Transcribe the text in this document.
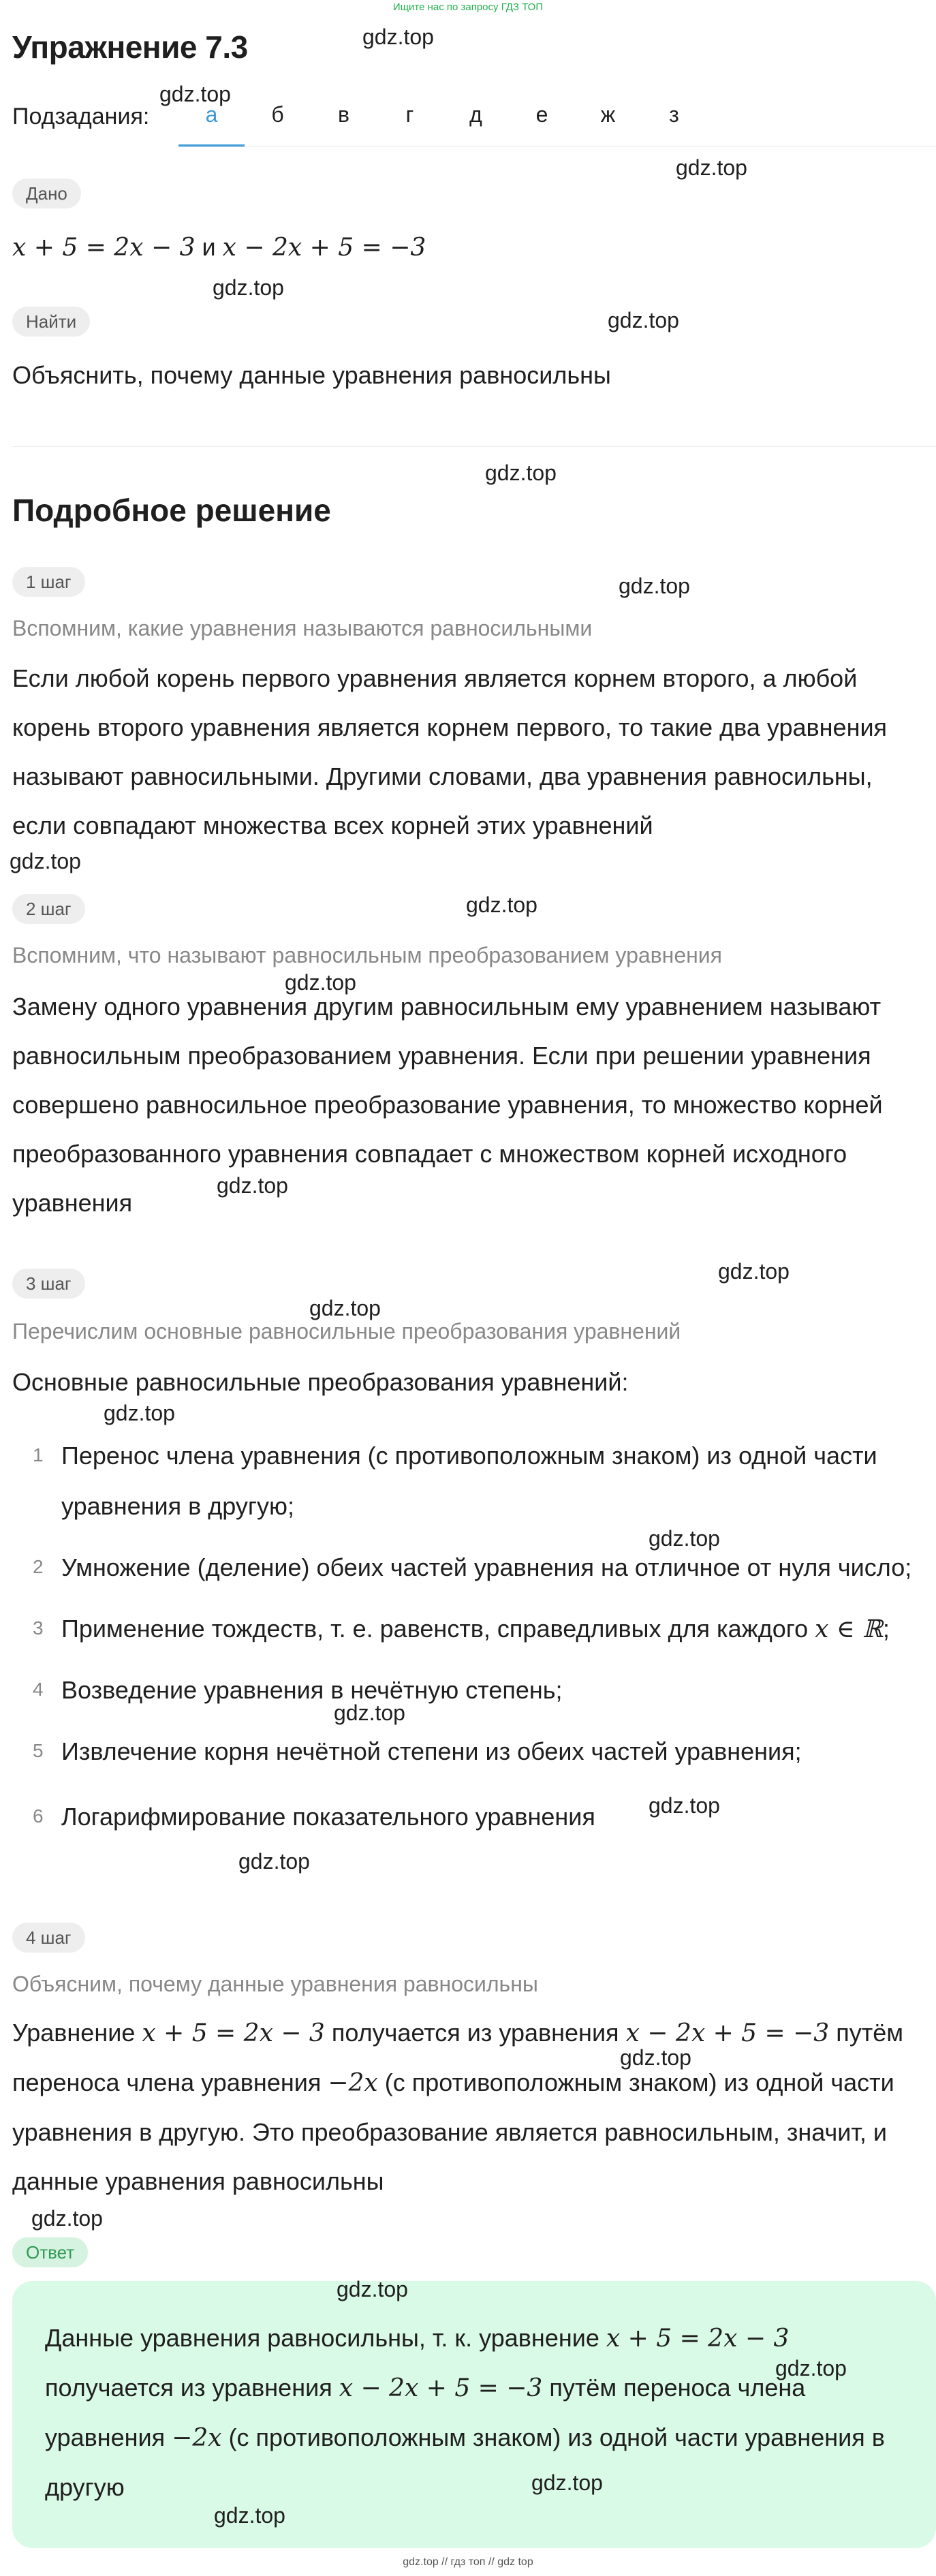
Ищите нас по запросу ГДЗ ТОП
Упражнение 7.3
Подзадания:	а	б	в	г	д	е	ж	з
Дано
x + 5 = 2x − 3 и x − 2x + 5 = −3
Найти
Объяснить, почему данные уравнения равносильны
Подробное решение
1 шаг
Вспомним, какие уравнения называются равносильными
Если любой корень первого уравнения является корнем второго, а любой корень второго уравнения является корнем первого, то такие два уравнения называют равносильными. Другими словами, два уравнения равносильны, если совпадают множества всех корней этих уравнений
2 шаг
Вспомним, что называют равносильным преобразованием уравнения
Замену одного уравнения другим равносильным ему уравнением называют равносильным преобразованием уравнения. Если при решении уравнения совершено равносильное преобразование уравнения, то множество корней преобразованного уравнения совпадает с множеством корней исходного уравнения
3 шаг
Перечислим основные равносильные преобразования уравнений
Основные равносильные преобразования уравнений:
1 Перенос члена уравнения (с противоположным знаком) из одной части уравнения в другую;
2 Умножение (деление) обеих частей уравнения на отличное от нуля число;
3 Применение тождеств, т. е. равенств, справедливых для каждого x ∈ ℝ;
4 Возведение уравнения в нечётную степень;
5 Извлечение корня нечётной степени из обеих частей уравнения;
6 Логарифмирование показательного уравнения
4 шаг
Объясним, почему данные уравнения равносильны
Уравнение x + 5 = 2x − 3 получается из уравнения x − 2x + 5 = −3 путём переноса члена уравнения −2x (с противоположным знаком) из одной части уравнения в другую. Это преобразование является равносильным, значит, и данные уравнения равносильны
Ответ
Данные уравнения равносильны, т. к. уравнение x + 5 = 2x − 3 получается из уравнения x − 2x + 5 = −3 путём переноса члена уравнения −2x (с противоположным знаком) из одной части уравнения в другую
gdz.top
gdz.top
gdz.top
gdz.top
gdz.top
gdz.top
gdz.top
gdz.top
gdz.top
gdz.top
gdz.top
gdz.top
gdz.top
gdz.top
gdz.top
gdz.top
gdz.top
gdz.top
gdz.top
gdz.top
gdz.top
gdz.top
gdz.top
gdz.top
gdz.top // гдз топ // gdz top
